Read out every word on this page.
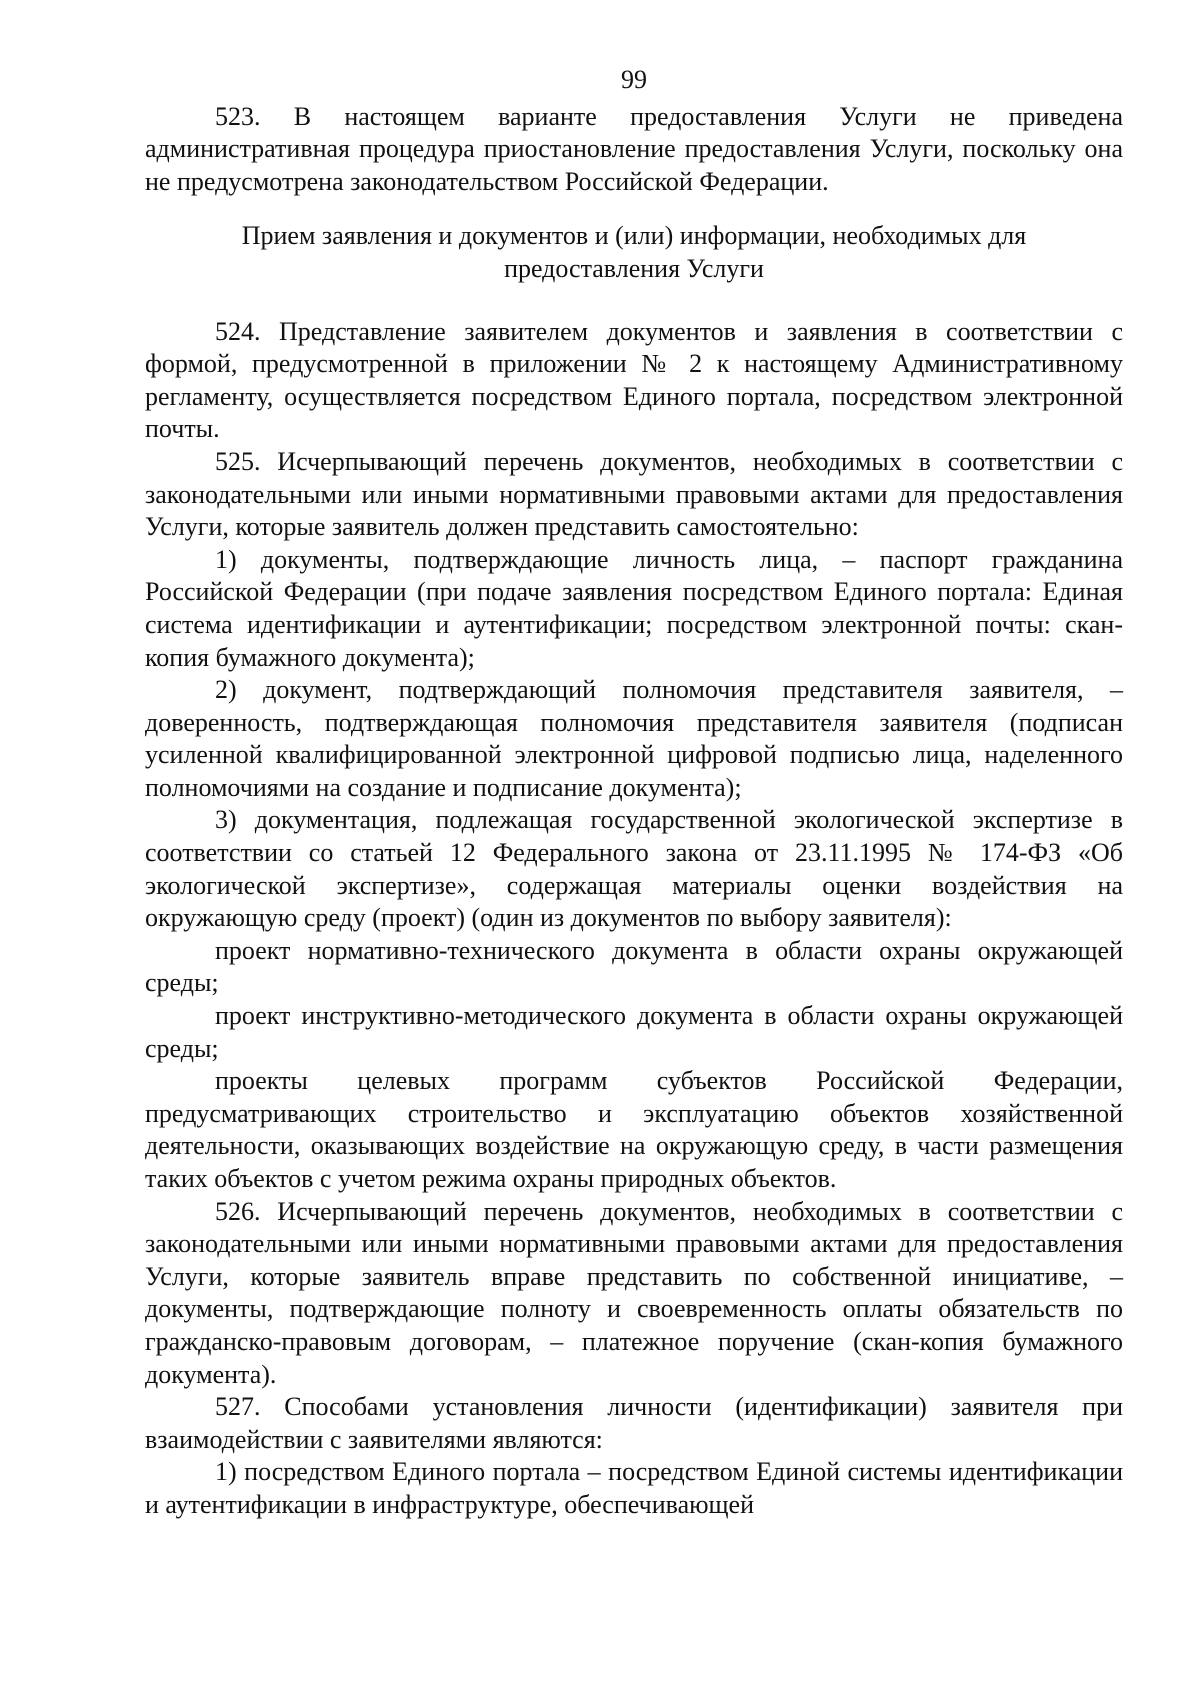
99

523. В настоящем варианте предоставления Услуги не приведена административная процедура приостановление предоставления Услуги, поскольку она не предусмотрена законодательством Российской Федерации.

Прием заявления и документов и (или) информации, необходимых для предоставления Услуги

524. Представление заявителем документов и заявления в соответствии с формой, предусмотренной в приложении № 2 к настоящему Административному регламенту, осуществляется посредством Единого портала, посредством электронной почты.

525. Исчерпывающий перечень документов, необходимых в соответствии с законодательными или иными нормативными правовыми актами для предоставления Услуги, которые заявитель должен представить самостоятельно:

1) документы, подтверждающие личность лица, – паспорт гражданина Российской Федерации (при подаче заявления посредством Единого портала: Единая система идентификации и аутентификации; посредством электронной почты: скан-копия бумажного документа);

2) документ, подтверждающий полномочия представителя заявителя, – доверенность, подтверждающая полномочия представителя заявителя (подписан усиленной квалифицированной электронной цифровой подписью лица, наделенного полномочиями на создание и подписание документа);

3) документация, подлежащая государственной экологической экспертизе в соответствии со статьей 12 Федерального закона от 23.11.1995 № 174-ФЗ «Об экологической экспертизе», содержащая материалы оценки воздействия на окружающую среду (проект) (один из документов по выбору заявителя):

проект нормативно-технического документа в области охраны окружающей среды;

проект инструктивно-методического документа в области охраны окружающей среды;

проекты целевых программ субъектов Российской Федерации, предусматривающих строительство и эксплуатацию объектов хозяйственной деятельности, оказывающих воздействие на окружающую среду, в части размещения таких объектов с учетом режима охраны природных объектов.

526. Исчерпывающий перечень документов, необходимых в соответствии с законодательными или иными нормативными правовыми актами для предоставления Услуги, которые заявитель вправе представить по собственной инициативе, – документы, подтверждающие полноту и своевременность оплаты обязательств по гражданско-правовым договорам, – платежное поручение (скан-копия бумажного документа).

527. Способами установления личности (идентификации) заявителя при взаимодействии с заявителями являются:

1) посредством Единого портала – посредством Единой системы идентификации и аутентификации в инфраструктуре, обеспечивающей
